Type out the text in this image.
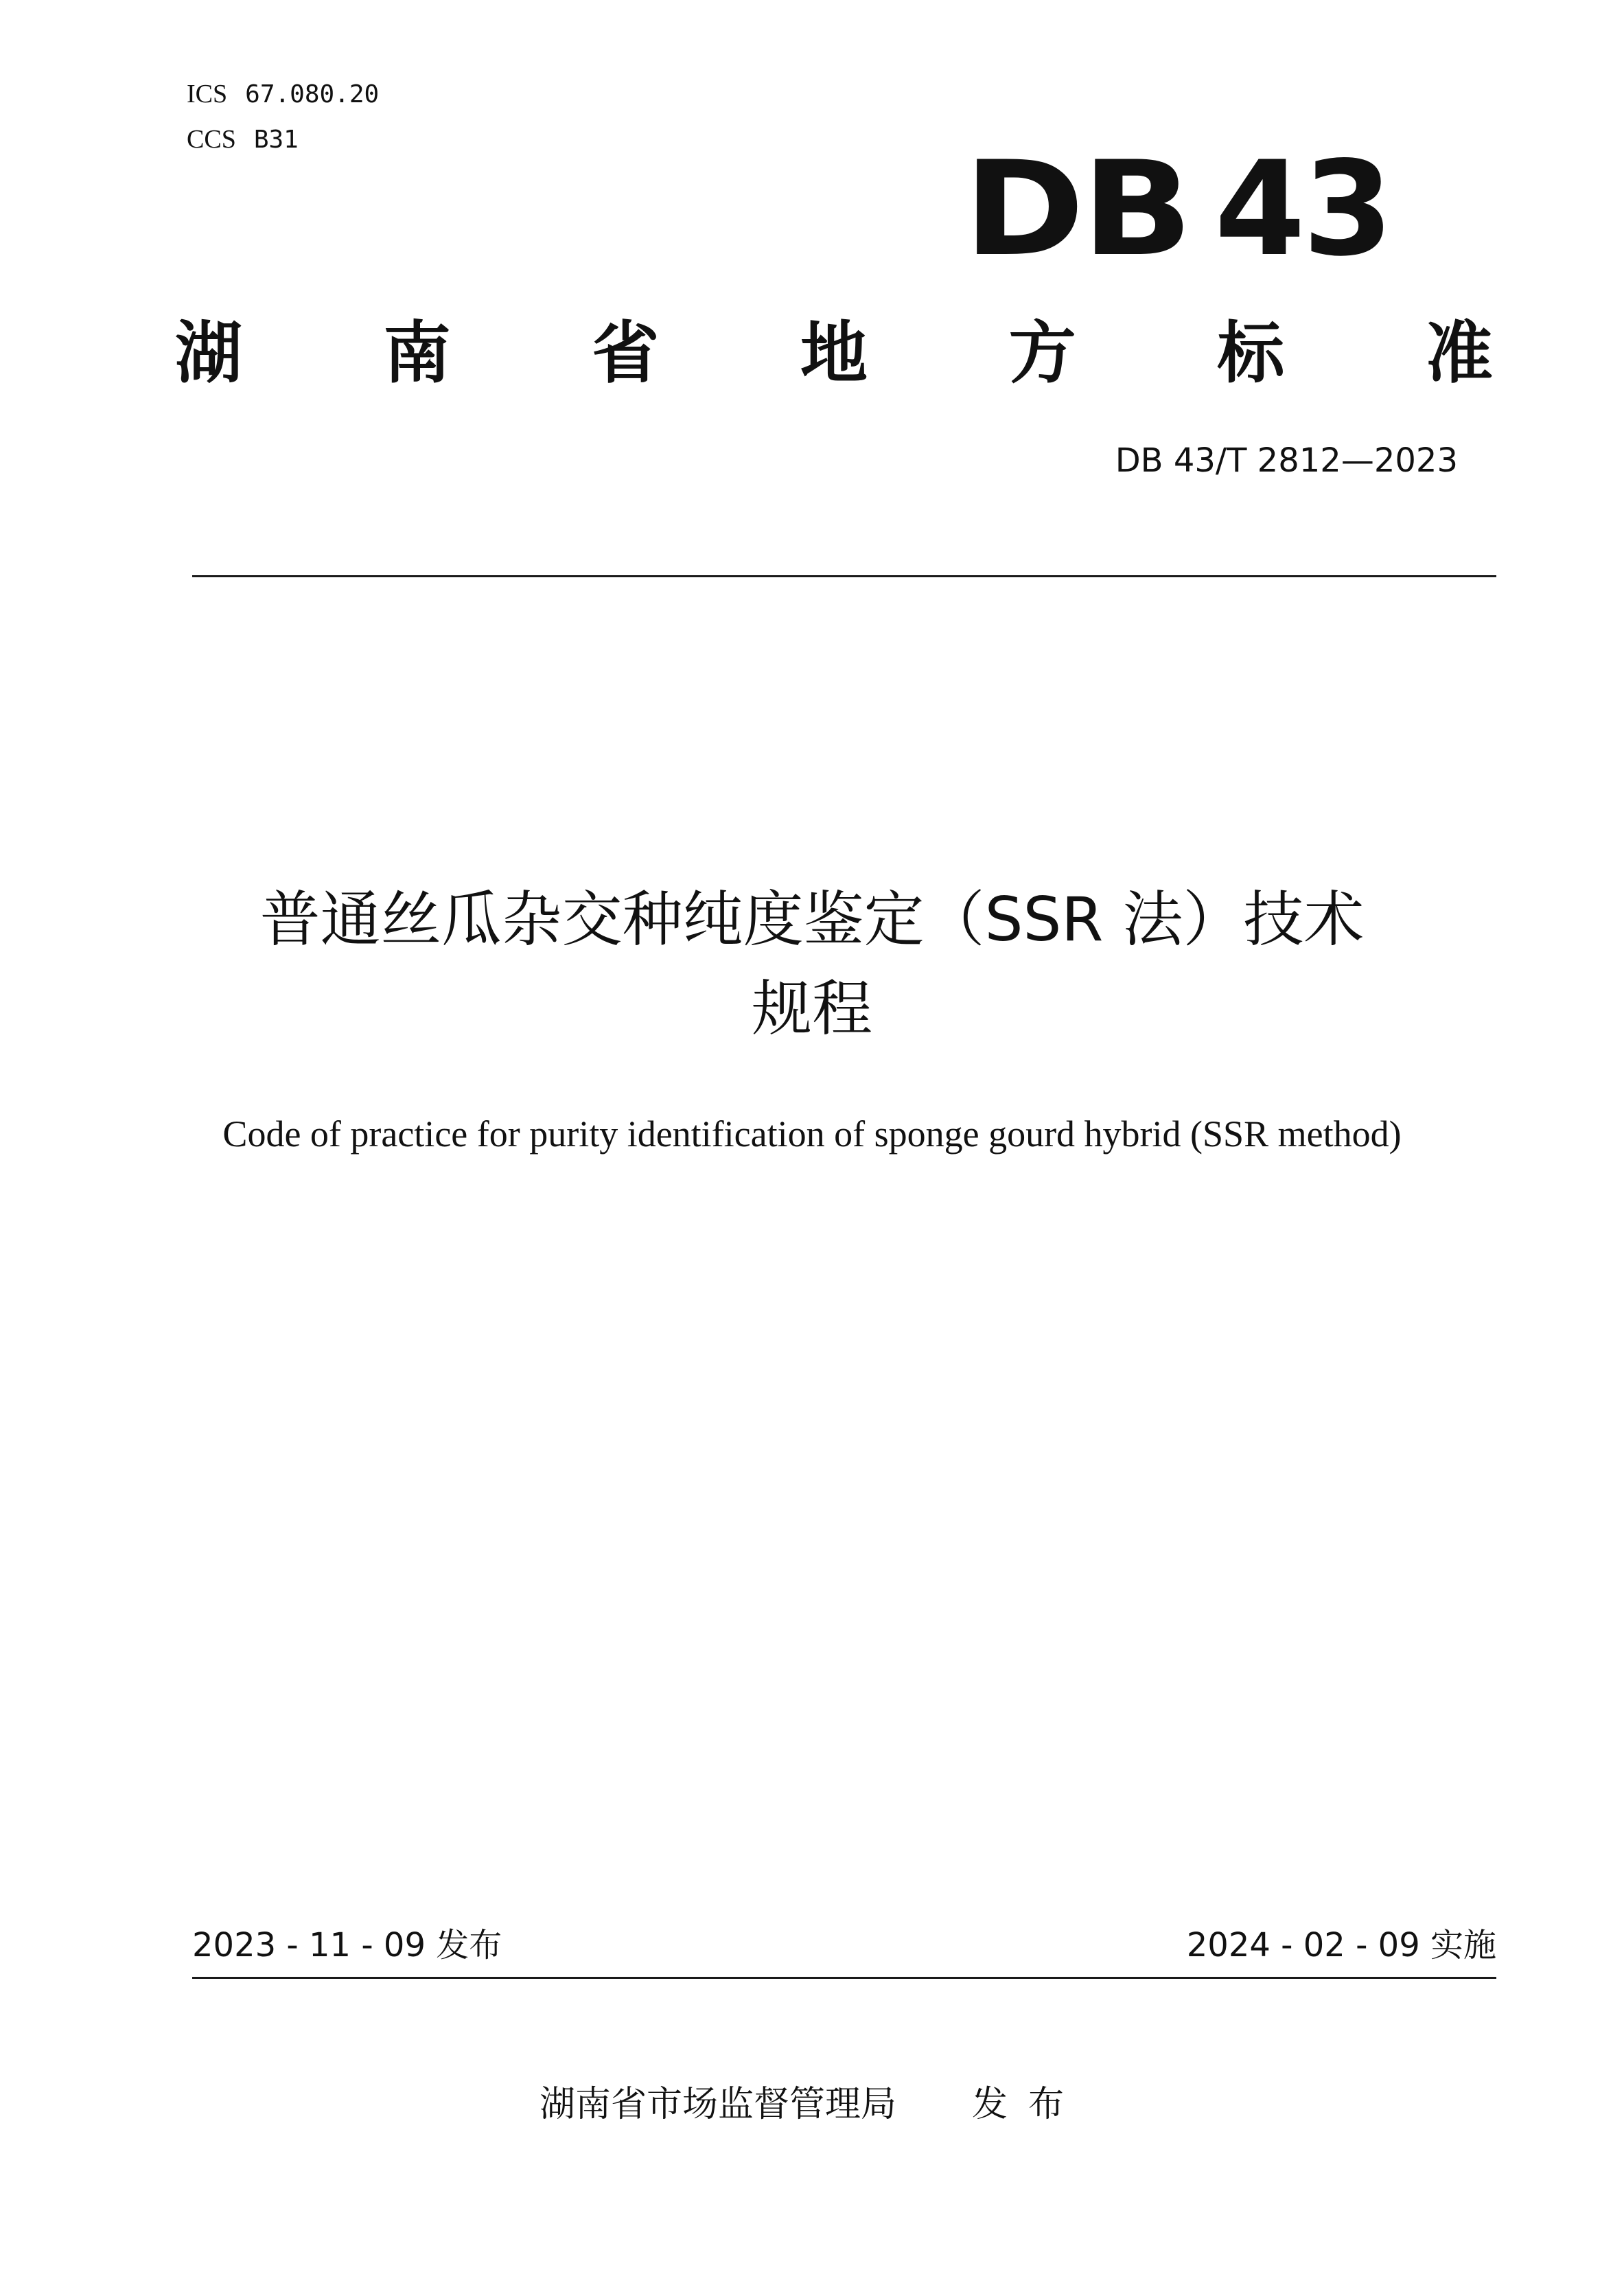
ICS 67.080.20
CCS B31	DB 43
湖 南 省 地 方 标 准
DB 43/T 2812—2023
普通丝瓜杂交种纯度鉴定（SSR 法）技术
规程
Code of practice for purity identification of sponge gourd hybrid (SSR method)
2023 - 11 - 09 发布	2024 - 02 - 09 实施
湖南省市场监督管理局 发布
